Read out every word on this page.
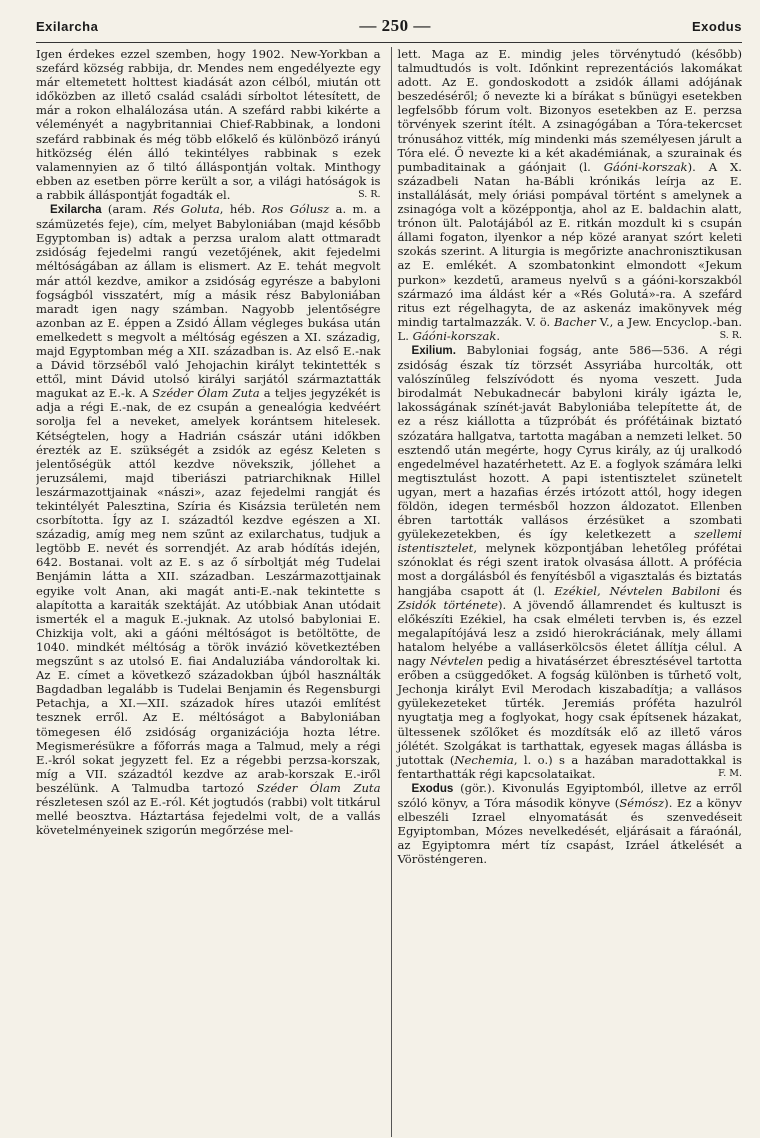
Exilarcha	— 250 —	Exodus

Igen érdekes ezzel szemben, hogy 1902. New-Yorkban a szefárd község rabbija, dr. Mendes nem engedélyezte egy már eltemetett holttest kiadását azon célból, miután ott időközben az illető család családi sírboltot létesített, de már a rokon elhalálozása után. A szefárd rabbi kikérte a véleményét a nagybritanniai Chief-Rabbinak, a londoni szefárd rabbinak és még több előkelő és különböző irányú hitközség élén álló tekintélyes rabbinak s ezek valamennyien az ő tiltó álláspontján voltak. Minthogy ebben az esetben pörre került a sor, a világi hatóságok is a rabbik álláspontját fogadták el.	S. R.

Exilarcha (aram. Rés Goluta, héb. Ros Gólusz a. m. a számüzetés feje), cím, melyet Babyloniában (majd később Egyptomban is) adtak a perzsa uralom alatt ottmaradt zsidóság fejedelmi rangú vezetőjének, akit fejedelmi méltóságában az állam is elismert. Az E. tehát megvolt már attól kezdve, amikor a zsidóság egyrésze a babyloni fogságból visszatért, míg a másik rész Babyloniában maradt igen nagy számban. Nagyobb jelentőségre azonban az E. éppen a Zsidó Állam végleges bukása után emelkedett s megvolt a méltóság egészen a XI. századig, majd Egyptomban még a XII. században is. Az első E.-nak a Dávid törzséből való Jehojachin királyt tekintették s ettől, mint Dávid utolsó királyi sarjától származtatták magukat az E.-k. A Széder Ólam Zuta a teljes jegyzékét is adja a régi E.-nak, de ez csupán a genealógia kedvéért sorolja fel a neveket, amelyek korántsem hitelesek. Kétségtelen, hogy a Hadrián császár utáni időkben érezték az E. szükségét a zsidók az egész Keleten s jelentőségük attól kezdve növekszik, jóllehet a jeruzsálemi, majd tiberiászi patriarchiknak Hillel leszármazottjainak «nászi», azaz fejedelmi rangját és tekintélyét Palesztina, Szíria és Kisázsia területén nem csorbította. Így az I. századtól kezdve egészen a XI. századig, amíg meg nem szűnt az exilarchatus, tudjuk a legtöbb E. nevét és sorrendjét. Az arab hódítás idején, 642. Bostanai. volt az E. s az ő sírboltját még Tudelai Benjámin látta a XII. században. Leszármazottjainak egyike volt Anan, aki magát anti-E.-nak tekintette s alapította a karaiták szektáját. Az utóbbiak Anan utódait ismerték el a maguk E.-juknak. Az utolsó babyloniai E. Chizkija volt, aki a gáóni méltóságot is betöltötte, de 1040. mindkét méltóság a török invázió következtében megszűnt s az utolsó E. fiai Andaluziába vándoroltak ki. Az E. címet a következő századokban újból használták Bagdadban legalább is Tudelai Benjamin és Regensburgi Petachja, a XI.—XII. századok híres utazói említést tesznek erről. Az E. méltóságot a Babyloniában tömegesen élő zsidóság organizációja hozta létre. Megismerésükre a főforrás maga a Talmud, mely a régi E.-król sokat jegyzett fel. Ez a régebbi perzsa-korszak, míg a VII. századtól kezdve az arab-korszak E.-iről beszélünk. A Talmudba tartozó Széder Ólam Zuta részletesen szól az E.-ról. Két jogtudós (rabbi) volt titkárul mellé beosztva. Háztartása fejedelmi volt, de a vallás követelményeinek szigorún megőrzése mel-

lett. Maga az E. mindig jeles törvénytudó (később) talmudtudós is volt. Időnkint reprezentációs lakomákat adott. Az E. gondoskodott a zsidók állami adójának beszedéséről; ő nevezte ki a bírákat s bűnügyi esetekben legfelsőbb fórum volt. Bizonyos esetekben az E. perzsa törvények szerint ítélt. A zsinagógában a Tóra-tekercset trónusához vitték, míg mindenki más személyesen járult a Tóra elé. Ő nevezte ki a két akadémiának, a szurainak és pumbaditainak a gáónjait (l. Gáóni-korszak). A X. századbeli Natan ha-Bábli krónikás leírja az E. installálását, mely óriási pompával történt s amelynek a zsinagóga volt a középpontja, ahol az E. baldachin alatt, trónon ült. Palotájából az E. ritkán mozdult ki s csupán állami fogaton, ilyenkor a nép közé aranyat szórt keleti szokás szerint. A liturgia is megőrizte anachronisztikusan az E. emlékét. A szombatonkint elmondott «Jekum purkon» kezdetű, arameus nyelvű s a gáóni-korszakból származó ima áldást kér a «Rés Golutá»-ra. A szefárd ritus ezt régelhagyta, de az askenáz imakönyvek még mindig tartalmazzák. V. ö. Bacher V., a Jew. Encyclop.-ban. L. Gáóni-korszak.	S. R.

Exilium. Babyloniai fogság, ante 586—536. A régi zsidóság észak tíz törzsét Assyriába hurcolták, ott valószínűleg felszívódott és nyoma veszett. Juda birodalmát Nebukadnecár babyloni király igázta le, lakosságának színét-javát Babyloniába telepítette át, de ez a rész kiállotta a tűzpróbát és prófétáinak biztató szózatára hallgatva, tartotta magában a nemzeti lelket. 50 esztendő után megérte, hogy Cyrus király, az új uralkodó engedelmével hazatérhetett. Az E. a foglyok számára lelki megtisztulást hozott. A papi istentisztelet szünetelt ugyan, mert a hazafias érzés irtózott attól, hogy idegen földön, idegen termésből hozzon áldozatot. Ellenben ébren tartották vallásos érzésüket a szombati gyülekezetekben, és így keletkezett a szellemi istentisztelet, melynek központjában lehetőleg prófétai szónoklat és régi szent iratok olvasása állott. A prófécia most a dorgálásból és fenyítésből a vigasztalás és biztatás hangjába csapott át (l. Ezékiel, Névtelen Babiloni és Zsidók története). A jövendő államrendet és kultuszt is előkészíti Ezékiel, ha csak elméleti tervben is, és ezzel megalapítójává lesz a zsidó hierokráciának, mely állami hatalom helyébe a valláserkölcsös életet állítja célul. A nagy Névtelen pedig a hivatásérzet ébresztésével tartotta erőben a csüggedőket. A fogság különben is tűrhető volt, Jechonja királyt Evil Merodach kiszabadítja; a vallásos gyülekezeteket tűrték. Jeremiás próféta hazulról nyugtatja meg a foglyokat, hogy csak építsenek házakat, ültessenek szőlőket és mozdítsák elő az illető város jólétét. Szolgákat is tarthattak, egyesek magas állásba is jutottak (Nechemia, l. o.) s a hazában maradottakkal is fentarthatták régi kapcsolataikat.	F. M.

Exodus (gör.). Kivonulás Egyiptomból, illetve az erről szóló könyv, a Tóra második könyve (Sémósz). Ez a könyv elbeszéli Izrael elnyomatását és szenvedéseit Egyiptomban, Mózes nevelkedését, eljárásait a fáraónál, az Egyiptomra mért tíz csapást, Izráel átkelését a Vörösténgeren.
